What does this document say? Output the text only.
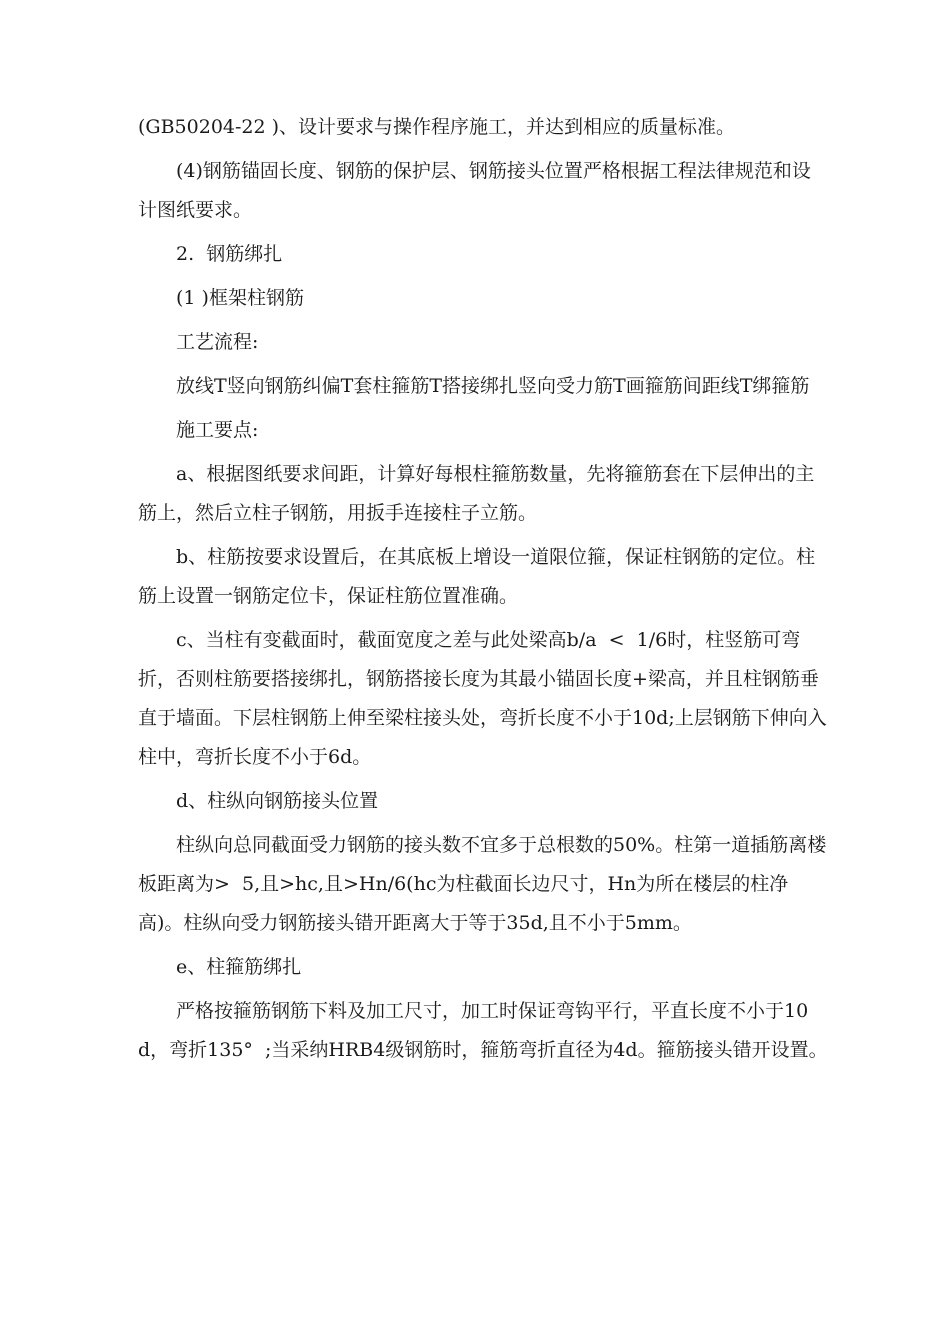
(GB50204-22 )、设计要求与操作程序施工，并达到相应的质量标准。

(4)钢筋锚固长度、钢筋的保护层、钢筋接头位置严格根据工程法律规范和设计图纸要求。

2.  钢筋绑扎

(1 )框架柱钢筋

工艺流程:

放线T竖向钢筋纠偏T套柱箍筋T搭接绑扎竖向受力筋T画箍筋间距线T绑箍筋

施工要点:

a、根据图纸要求间距，计算好每根柱箍筋数量，先将箍筋套在下层伸出的主筋上，然后立柱子钢筋，用扳手连接柱子立筋。

b、柱筋按要求设置后，在其底板上增设一道限位箍，保证柱钢筋的定位。柱筋上设置一钢筋定位卡，保证柱筋位置准确。

c、当柱有变截面时，截面宽度之差与此处梁高b/a  <  1/6时，柱竖筋可弯折，否则柱筋要搭接绑扎，钢筋搭接长度为其最小锚固长度+梁高，并且柱钢筋垂直于墙面。下层柱钢筋上伸至梁柱接头处，弯折长度不小于10d;上层钢筋下伸向入柱中，弯折长度不小于6d。

d、柱纵向钢筋接头位置

柱纵向总同截面受力钢筋的接头数不宜多于总根数的50%。柱第一道插筋离楼板距离为>  5,且>hc,且>Hn/6(hc为柱截面长边尺寸，Hn为所在楼层的柱净高)。柱纵向受力钢筋接头错开距离大于等于35d,且不小于5mm。

e、柱箍筋绑扎

严格按箍筋钢筋下料及加工尺寸，加工时保证弯钩平行，平直长度不小于10d，弯折135°  ;当采纳HRB4级钢筋时，箍筋弯折直径为4d。箍筋接头错开设置。
